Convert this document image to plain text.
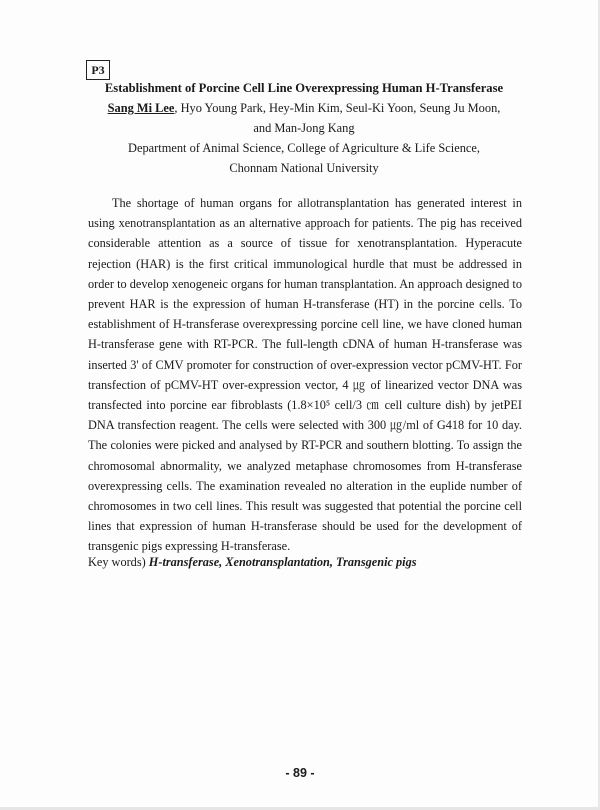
P3
Establishment of Porcine Cell Line Overexpressing Human H-Transferase
Sang Mi Lee, Hyo Young Park, Hey-Min Kim, Seul-Ki Yoon, Seung Ju Moon,
and Man-Jong Kang
Department of Animal Science, College of Agriculture & Life Science,
Chonnam National University

The shortage of human organs for allotransplantation has generated interest in using xenotransplantation as an alternative approach for patients. The pig has received considerable attention as a source of tissue for xenotransplantation. Hyperacute rejection (HAR) is the first critical immunological hurdle that must be addressed in order to develop xenogeneic organs for human transplantation. An approach designed to prevent HAR is the expression of human H-transferase (HT) in the porcine cells. To establishment of H-transferase overexpressing porcine cell line, we have cloned human H-transferase gene with RT-PCR. The full-length cDNA of human H-transferase was inserted 3' of CMV promoter for construction of over-expression vector pCMV-HT. For transfection of pCMV-HT over-expression vector, 4 ㎍ of linearized vector DNA was transfected into porcine ear fibroblasts (1.8×10⁵ cell/3 ㎝ cell culture dish) by jetPEI DNA transfection reagent. The cells were selected with 300 ㎍/ml of G418 for 10 day. The colonies were picked and analysed by RT-PCR and southern blotting. To assign the chromosomal abnormality, we analyzed metaphase chromosomes from H-transferase overexpressing cells. The examination revealed no alteration in the euplide number of chromosomes in two cell lines. This result was suggested that potential the porcine cell lines that expression of human H-transferase should be used for the development of transgenic pigs expressing H-transferase.

Key words) H-transferase, Xenotransplantation, Transgenic pigs
- 89 -
